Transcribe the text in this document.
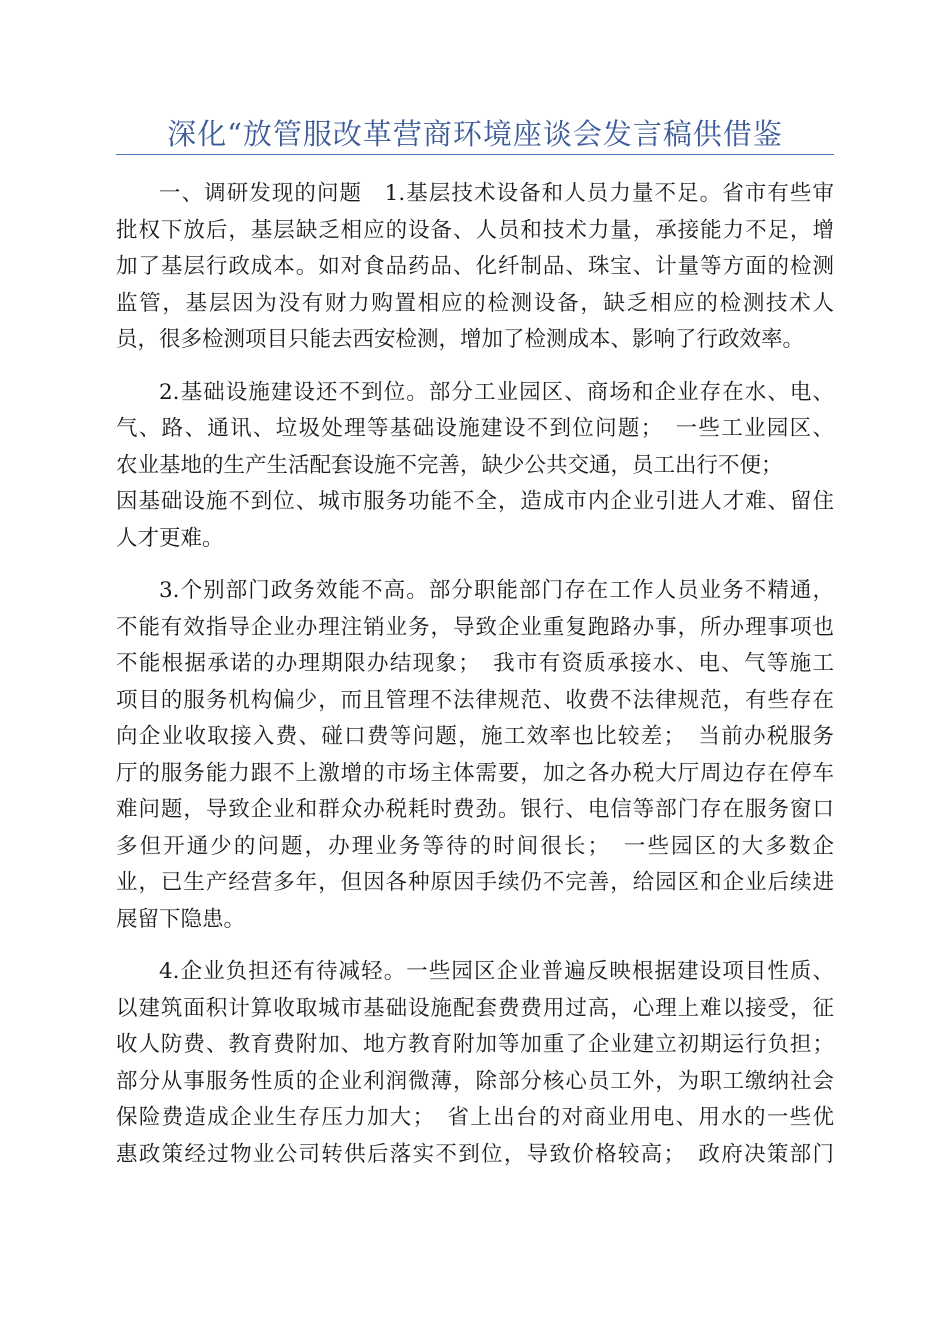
深化“放管服改革营商环境座谈会发言稿供借鉴
一、调研发现的问题　1.基层技术设备和人员力量不足。省市有些审
批权下放后，基层缺乏相应的设备、人员和技术力量，承接能力不足，增
加了基层行政成本。如对食品药品、化纤制品、珠宝、计量等方面的检测
监管，基层因为没有财力购置相应的检测设备，缺乏相应的检测技术人
员，很多检测项目只能去西安检测，增加了检测成本、影响了行政效率。
2.基础设施建设还不到位。部分工业园区、商场和企业存在水、电、
气、路、通讯、垃圾处理等基础设施建设不到位问题；　一些工业园区、
农业基地的生产生活配套设施不完善，缺少公共交通，员工出行不便；
因基础设施不到位、城市服务功能不全，造成市内企业引进人才难、留住
人才更难。
3.个别部门政务效能不高。部分职能部门存在工作人员业务不精通，
不能有效指导企业办理注销业务，导致企业重复跑路办事，所办理事项也
不能根据承诺的办理期限办结现象；　我市有资质承接水、电、气等施工
项目的服务机构偏少，而且管理不法律规范、收费不法律规范，有些存在
向企业收取接入费、碰口费等问题，施工效率也比较差；　当前办税服务
厅的服务能力跟不上激增的市场主体需要，加之各办税大厅周边存在停车
难问题，导致企业和群众办税耗时费劲。银行、电信等部门存在服务窗口
多但开通少的问题，办理业务等待的时间很长；　一些园区的大多数企
业，已生产经营多年，但因各种原因手续仍不完善，给园区和企业后续进
展留下隐患。
4.企业负担还有待减轻。一些园区企业普遍反映根据建设项目性质、
以建筑面积计算收取城市基础设施配套费费用过高，心理上难以接受，征
收人防费、教育费附加、地方教育附加等加重了企业建立初期运行负担；
部分从事服务性质的企业利润微薄，除部分核心员工外，为职工缴纳社会
保险费造成企业生存压力加大；　省上出台的对商业用电、用水的一些优
惠政策经过物业公司转供后落实不到位，导致价格较高；　政府决策部门
